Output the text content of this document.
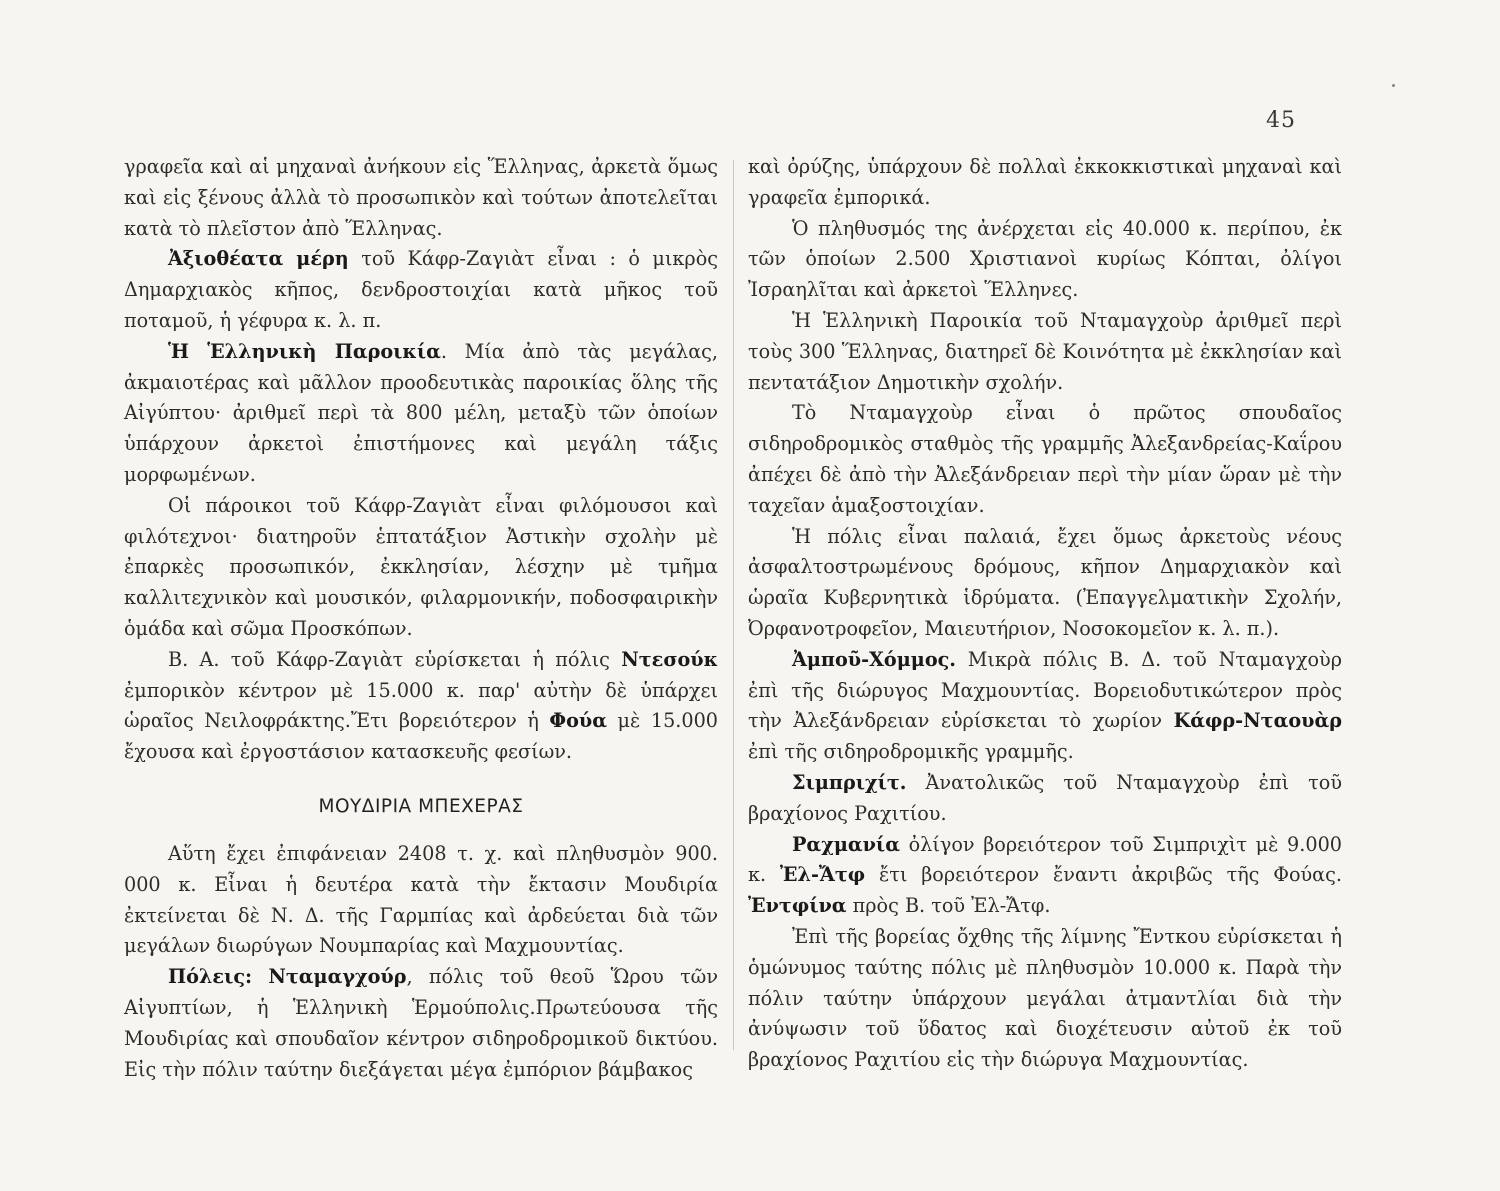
45

γραφεῖα καὶ αἱ μηχαναὶ ἀνήκουν εἰς Ἕλληνας, ἀρκετὰ ὅμως καὶ εἰς ξένους ἀλλὰ τὸ προσωπικὸν καὶ τούτων ἀποτελεῖται κατὰ τὸ πλεῖστον ἀπὸ Ἕλληνας.

Ἀξιοθέατα μέρη τοῦ Κάφρ-Ζαγιὰτ εἶναι : ὁ μικρὸς Δημαρχιακὸς κῆπος, δενδροστοιχίαι κατὰ μῆκος τοῦ ποταμοῦ, ἡ γέφυρα κ. λ. π.

Ἡ Ἑλληνικὴ Παροικία. Μία ἀπὸ τὰς μεγάλας, ἀκμαιοτέρας καὶ μᾶλλον προοδευτικὰς παροικίας ὅλης τῆς Αἰγύπτου· ἀριθμεῖ περὶ τὰ 800 μέλη, μεταξὺ τῶν ὁποίων ὑπάρχουν ἀρκετοὶ ἐπιστήμονες καὶ μεγάλη τάξις μορφωμένων.

Οἱ πάροικοι τοῦ Κάφρ-Ζαγιὰτ εἶναι φιλόμουσοι καὶ φιλότεχνοι· διατηροῦν ἑπτατάξιον Ἀστικὴν σχολὴν μὲ ἐπαρκὲς προσωπικόν, ἐκκλησίαν, λέσχην μὲ τμῆμα καλλιτεχνικὸν καὶ μουσικόν, φιλαρμονικήν, ποδοσφαιρικὴν ὁμάδα καὶ σῶμα Προσκόπων.

Β. Α. τοῦ Κάφρ-Ζαγιὰτ εὑρίσκεται ἡ πόλις Ντεσούκ ἐμπορικὸν κέντρον μὲ 15.000 κ. παρ' αὐτὴν δὲ ὑπάρχει ὡραῖος Νειλοφράκτης.Ἔτι βορειότερον ἡ Φούα μὲ 15.000 ἔχουσα καὶ ἐργοστάσιον κατασκευῆς φεσίων.

ΜΟΥΔΙΡΙΑ ΜΠΕΧΕΡΑΣ

Αὕτη ἔχει ἐπιφάνειαν 2408 τ. χ. καὶ πληθυσμὸν 900. 000 κ. Εἶναι ἡ δευτέρα κατὰ τὴν ἔκτασιν Μουδιρία ἐκτείνεται δὲ Ν. Δ. τῆς Γαρμπίας καὶ ἀρδεύεται διὰ τῶν μεγάλων διωρύγων Νουμπαρίας καὶ Μαχμουντίας.

Πόλεις: Νταμαγχούρ, πόλις τοῦ θεοῦ Ὥρου τῶν Αἰγυπτίων, ἡ Ἑλληνικὴ Ἑρμούπολις.Πρωτεύουσα τῆς Μουδιρίας καὶ σπουδαῖον κέντρον σιδηροδρομικοῦ δικτύου. Εἰς τὴν πόλιν ταύτην διεξάγεται μέγα ἐμπόριον βάμβακος

καὶ ὀρύζης, ὑπάρχουν δὲ πολλαὶ ἐκκοκκιστικαὶ μηχαναὶ καὶ γραφεῖα ἐμπορικά.

Ὁ πληθυσμός της ἀνέρχεται εἰς 40.000 κ. περίπου, ἐκ τῶν ὁποίων 2.500 Χριστιανοὶ κυρίως Κόπται, ὀλίγοι Ἰσραηλῖται καὶ ἀρκετοὶ Ἕλληνες.

Ἡ Ἑλληνικὴ Παροικία τοῦ Νταμαγχοὺρ ἀριθμεῖ περὶ τοὺς 300 Ἕλληνας, διατηρεῖ δὲ Κοινότητα μὲ ἐκκλησίαν καὶ πεντατάξιον Δημοτικὴν σχολήν.

Τὸ Νταμαγχοὺρ εἶναι ὁ πρῶτος σπουδαῖος σιδηροδρομικὸς σταθμὸς τῆς γραμμῆς Ἀλεξανδρείας-Καΐρου ἀπέχει δὲ ἀπὸ τὴν Ἀλεξάνδρειαν περὶ τὴν μίαν ὥραν μὲ τὴν ταχεῖαν ἁμαξοστοιχίαν.

Ἡ πόλις εἶναι παλαιά, ἔχει ὅμως ἀρκετοὺς νέους ἀσφαλτοστρωμένους δρόμους, κῆπον Δημαρχιακὸν καὶ ὡραῖα Κυβερνητικὰ ἱδρύματα. (Ἐπαγγελματικὴν Σχολήν, Ὀρφανοτροφεῖον, Μαιευτήριον, Νοσοκομεῖον κ. λ. π.).

Ἀμποῦ-Χόμμος. Μικρὰ πόλις Β. Δ. τοῦ Νταμαγχοὺρ ἐπὶ τῆς διώρυγος Μαχμουντίας. Βορειοδυτικώτερον πρὸς τὴν Ἀλεξάνδρειαν εὑρίσκεται τὸ χωρίον Κάφρ-Νταουὰρ ἐπὶ τῆς σιδηροδρομικῆς γραμμῆς.

Σιμπριχίτ. Ἀνατολικῶς τοῦ Νταμαγχοὺρ ἐπὶ τοῦ βραχίονος Ραχιτίου.

Ραχμανία ὀλίγον βορειότερον τοῦ Σιμπριχὶτ μὲ 9.000 κ. Ἐλ-Ἄτφ ἔτι βορειότερον ἔναντι ἀκριβῶς τῆς Φούας. Ἐντφίνα πρὸς Β. τοῦ Ἐλ-Ἄτφ.

Ἐπὶ τῆς βορείας ὄχθης τῆς λίμνης Ἔντκου εὑρίσκεται ἡ ὁμώνυμος ταύτης πόλις μὲ πληθυσμὸν 10.000 κ. Παρὰ τὴν πόλιν ταύτην ὑπάρχουν μεγάλαι ἀτμαντλίαι διὰ τὴν ἀνύψωσιν τοῦ ὕδατος καὶ διοχέτευσιν αὐτοῦ ἐκ τοῦ βραχίονος Ραχιτίου εἰς τὴν διώρυγα Μαχμουντίας.
